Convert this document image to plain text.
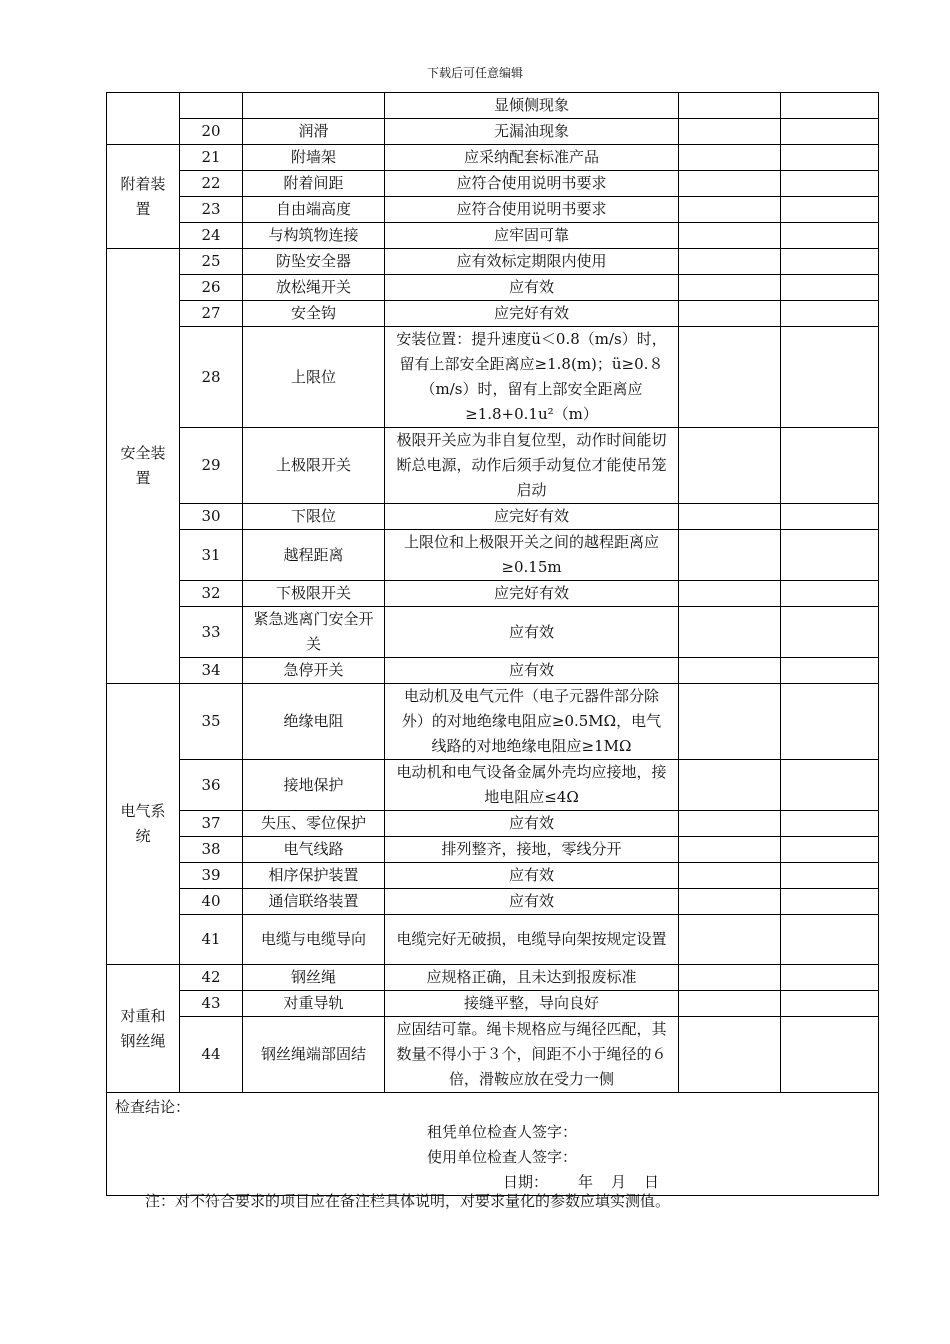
下载后可任意编辑
			显倾侧现象		
	20	润滑	无漏油现象		
附着装置	21	附墙架	应采纳配套标准产品		
	22	附着间距	应符合使用说明书要求		
	23	自由端高度	应符合使用说明书要求		
	24	与构筑物连接	应牢固可靠		
安全装置	25	防坠安全器	应有效标定期限内使用		
	26	放松绳开关	应有效		
	27	安全钩	应完好有效		
	28	上限位	安装位置：提升速度ü＜0.8（m/s）时，留有上部安全距离应≥1.8(m)；ü≥0.８（m/s）时，留有上部安全距离应≥1.8+0.1u²（m）		
	29	上极限开关	极限开关应为非自复位型，动作时间能切断总电源，动作后须手动复位才能使吊笼启动		
	30	下限位	应完好有效		
	31	越程距离	上限位和上极限开关之间的越程距离应≥0.15m		
	32	下极限开关	应完好有效		
	33	紧急逃离门安全开关	应有效		
	34	急停开关	应有效		
电气系统	35	绝缘电阻	电动机及电气元件（电子元器件部分除外）的对地绝缘电阻应≥0.5MΩ，电气线路的对地绝缘电阻应≥1MΩ		
	36	接地保护	电动机和电气设备金属外壳均应接地，接地电阻应≤4Ω		
	37	失压、零位保护	应有效		
	38	电气线路	排列整齐，接地，零线分开		
	39	相序保护装置	应有效		
	40	通信联络装置	应有效		
	41	电缆与电缆导向	电缆完好无破损，电缆导向架按规定设置		
对重和钢丝绳	42	钢丝绳	应规格正确，且未达到报废标准		
	43	对重导轨	接缝平整，导向良好		
	44	钢丝绳端部固结	应固结可靠。绳卡规格应与绳径匹配，其数量不得小于３个，间距不小于绳径的６倍，滑鞍应放在受力一侧		

检查结论：
租凭单位检查人签字：
使用单位检查人签字：
日期： 年 月 日					
注：对不符合要求的项目应在备注栏具体说明，对要求量化的参数应填实测值。
